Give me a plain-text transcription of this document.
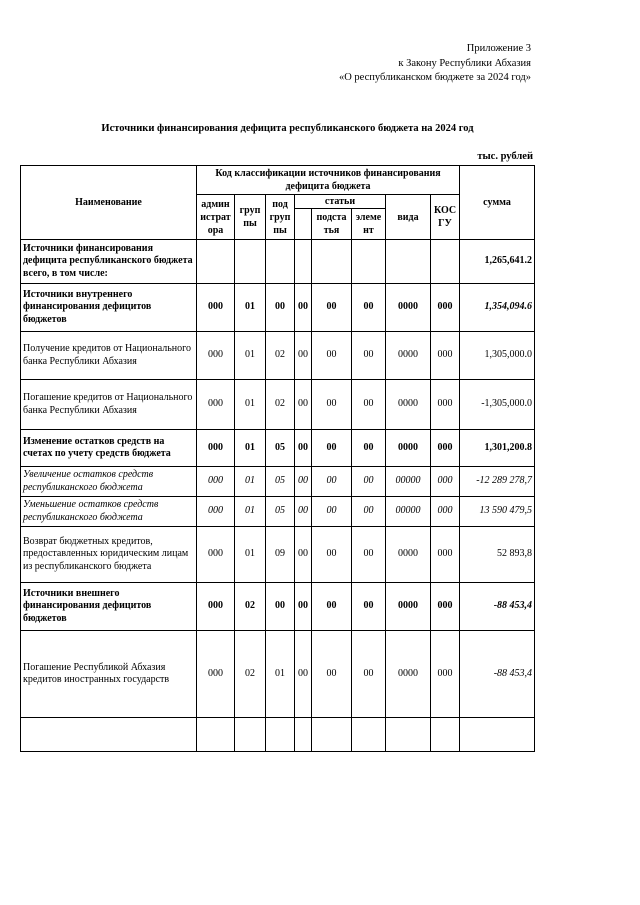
Приложение 3
к Закону Республики Абхазия
«О республиканском бюджете за 2024 год»
Источники финансирования дефицита республиканского бюджета на 2024 год
тыс. рублей
Наименование	Код классификации источников финансирования дефицита бюджета								сумма
	админ истрат ора	груп пы	под груп пы	статьи			вида	КОС ГУ	
					подста тья	элеме нт			
Источники финансирования дефицита республиканского бюджета всего, в том числе:									1,265,641.2
Источники внутреннего финансирования дефицитов бюджетов	000	01	00	00	00	00	0000	000	1,354,094.6
Получение кредитов от Национального банка Республики Абхазия	000	01	02	00	00	00	0000	000	1,305,000.0
Погашение кредитов от Национального банка Республики Абхазия	000	01	02	00	00	00	0000	000	-1,305,000.0
Изменение остатков средств на счетах по учету средств бюджета	000	01	05	00	00	00	0000	000	1,301,200.8
Увеличение остатков средств республиканского бюджета	000	01	05	00	00	00	00000	000	-12 289 278,7
Уменьшение остатков средств республиканского бюджета	000	01	05	00	00	00	00000	000	13 590 479,5
Возврат бюджетных кредитов, предоставленных юридическим лицам из республиканского бюджета	000	01	09	00	00	00	0000	000	52 893,8
Источники внешнего финансирования дефицитов бюджетов	000	02	00	00	00	00	0000	000	-88 453,4
Погашение Республикой Абхазия кредитов иностранных государств	000	02	01	00	00	00	0000	000	-88 453,4
